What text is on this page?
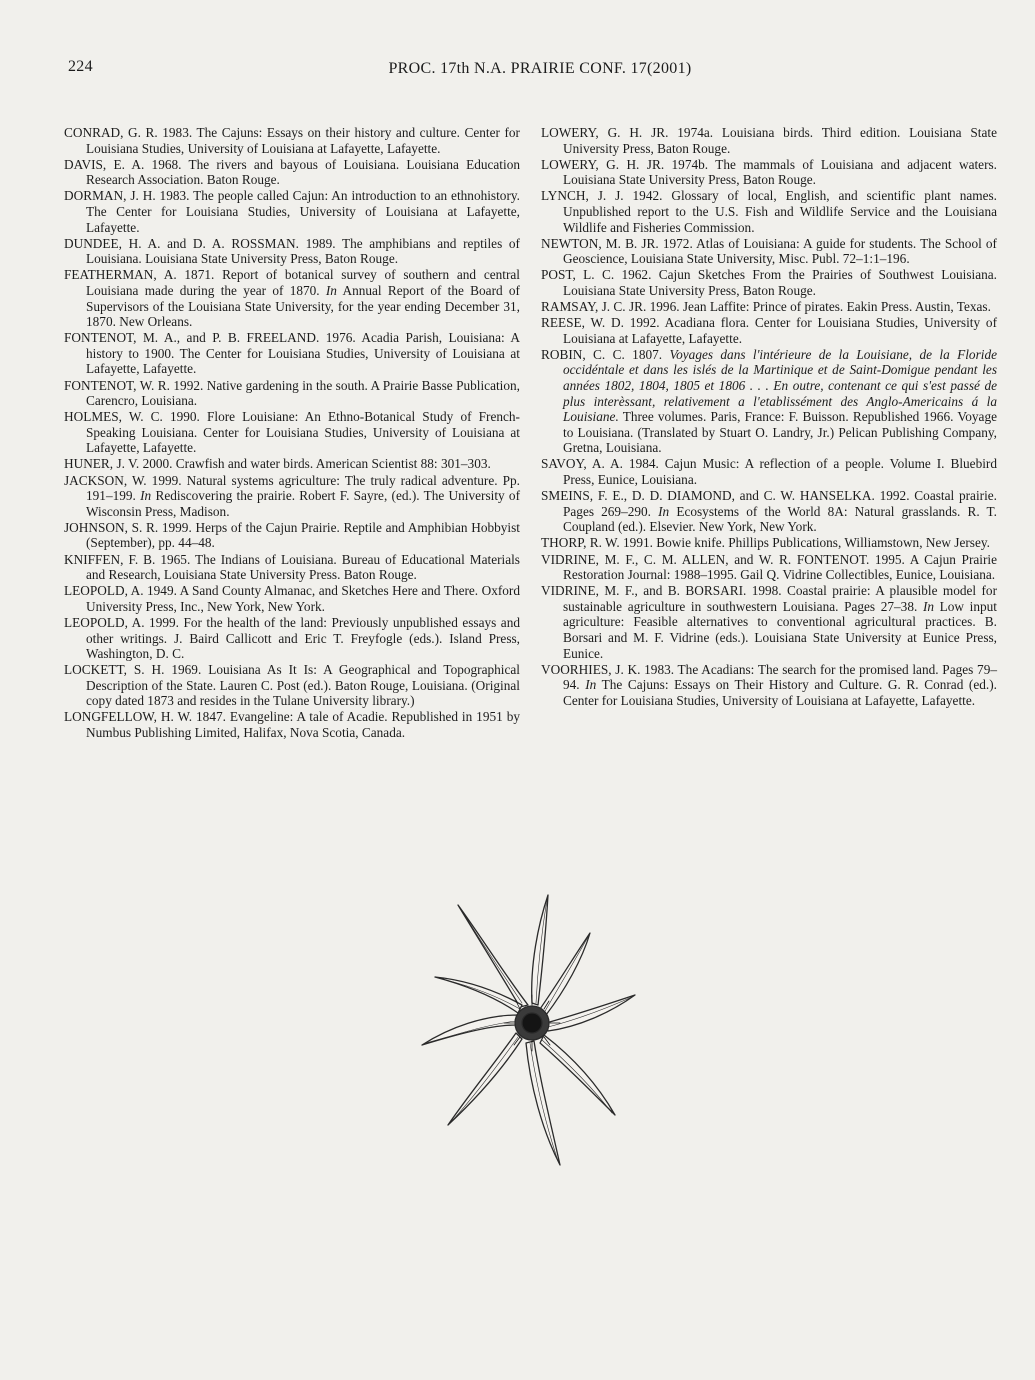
224	PROC. 17th N.A. PRAIRIE CONF. 17(2001)

CONRAD, G. R. 1983. The Cajuns: Essays on their history and culture. Center for Louisiana Studies, University of Louisiana at Lafayette, Lafayette.

DAVIS, E. A. 1968. The rivers and bayous of Louisiana. Louisiana Education Research Association. Baton Rouge.

DORMAN, J. H. 1983. The people called Cajun: An introduction to an ethnohistory. The Center for Louisiana Studies, University of Louisiana at Lafayette, Lafayette.

DUNDEE, H. A. and D. A. ROSSMAN. 1989. The amphibians and reptiles of Louisiana. Louisiana State University Press, Baton Rouge.

FEATHERMAN, A. 1871. Report of botanical survey of southern and central Louisiana made during the year of 1870. In Annual Report of the Board of Supervisors of the Louisiana State University, for the year ending December 31, 1870. New Orleans.

FONTENOT, M. A., and P. B. FREELAND. 1976. Acadia Parish, Louisiana: A history to 1900. The Center for Louisiana Studies, University of Louisiana at Lafayette, Lafayette.

FONTENOT, W. R. 1992. Native gardening in the south. A Prairie Basse Publication, Carencro, Louisiana.

HOLMES, W. C. 1990. Flore Louisiane: An Ethno-Botanical Study of French-Speaking Louisiana. Center for Louisiana Studies, University of Louisiana at Lafayette, Lafayette.

HUNER, J. V. 2000. Crawfish and water birds. American Scientist 88: 301–303.

JACKSON, W. 1999. Natural systems agriculture: The truly radical adventure. Pp. 191–199. In Rediscovering the prairie. Robert F. Sayre, (ed.). The University of Wisconsin Press, Madison.

JOHNSON, S. R. 1999. Herps of the Cajun Prairie. Reptile and Amphibian Hobbyist (September), pp. 44–48.

KNIFFEN, F. B. 1965. The Indians of Louisiana. Bureau of Educational Materials and Research, Louisiana State University Press. Baton Rouge.

LEOPOLD, A. 1949. A Sand County Almanac, and Sketches Here and There. Oxford University Press, Inc., New York, New York.

LEOPOLD, A. 1999. For the health of the land: Previously unpublished essays and other writings. J. Baird Callicott and Eric T. Freyfogle (eds.). Island Press, Washington, D. C.

LOCKETT, S. H. 1969. Louisiana As It Is: A Geographical and Topographical Description of the State. Lauren C. Post (ed.). Baton Rouge, Louisiana. (Original copy dated 1873 and resides in the Tulane University library.)

LONGFELLOW, H. W. 1847. Evangeline: A tale of Acadie. Republished in 1951 by Numbus Publishing Limited, Halifax, Nova Scotia, Canada.

LOWERY, G. H. JR. 1974a. Louisiana birds. Third edition. Louisiana State University Press, Baton Rouge.

LOWERY, G. H. JR. 1974b. The mammals of Louisiana and adjacent waters. Louisiana State University Press, Baton Rouge.

LYNCH, J. J. 1942. Glossary of local, English, and scientific plant names. Unpublished report to the U.S. Fish and Wildlife Service and the Louisiana Wildlife and Fisheries Commission.

NEWTON, M. B. JR. 1972. Atlas of Louisiana: A guide for students. The School of Geoscience, Louisiana State University, Misc. Publ. 72–1:1–196.

POST, L. C. 1962. Cajun Sketches From the Prairies of Southwest Louisiana. Louisiana State University Press, Baton Rouge.

RAMSAY, J. C. JR. 1996. Jean Laffite: Prince of pirates. Eakin Press. Austin, Texas.

REESE, W. D. 1992. Acadiana flora. Center for Louisiana Studies, University of Louisiana at Lafayette, Lafayette.

ROBIN, C. C. 1807. Voyages dans l'intérieure de la Louisiane, de la Floride occidéntale et dans les islés de la Martinique et de Saint-Domigue pendant les années 1802, 1804, 1805 et 1806 . . . En outre, contenant ce qui s'est passé de plus interèssant, relativement a l'etablissément des Anglo-Americains á la Louisiane. Three volumes. Paris, France: F. Buisson. Republished 1966. Voyage to Louisiana. (Translated by Stuart O. Landry, Jr.) Pelican Publishing Company, Gretna, Louisiana.

SAVOY, A. A. 1984. Cajun Music: A reflection of a people. Volume I. Bluebird Press, Eunice, Louisiana.

SMEINS, F. E., D. D. DIAMOND, and C. W. HANSELKA. 1992. Coastal prairie. Pages 269–290. In Ecosystems of the World 8A: Natural grasslands. R. T. Coupland (ed.). Elsevier. New York, New York.

THORP, R. W. 1991. Bowie knife. Phillips Publications, Williamstown, New Jersey.

VIDRINE, M. F., C. M. ALLEN, and W. R. FONTENOT. 1995. A Cajun Prairie Restoration Journal: 1988–1995. Gail Q. Vidrine Collectibles, Eunice, Louisiana.

VIDRINE, M. F., and B. BORSARI. 1998. Coastal prairie: A plausible model for sustainable agriculture in southwestern Louisiana. Pages 27–38. In Low input agriculture: Feasible alternatives to conventional agricultural practices. B. Borsari and M. F. Vidrine (eds.). Louisiana State University at Eunice Press, Eunice.

VOORHIES, J. K. 1983. The Acadians: The search for the promised land. Pages 79–94. In The Cajuns: Essays on Their History and Culture. G. R. Conrad (ed.). Center for Louisiana Studies, University of Louisiana at Lafayette, Lafayette.
